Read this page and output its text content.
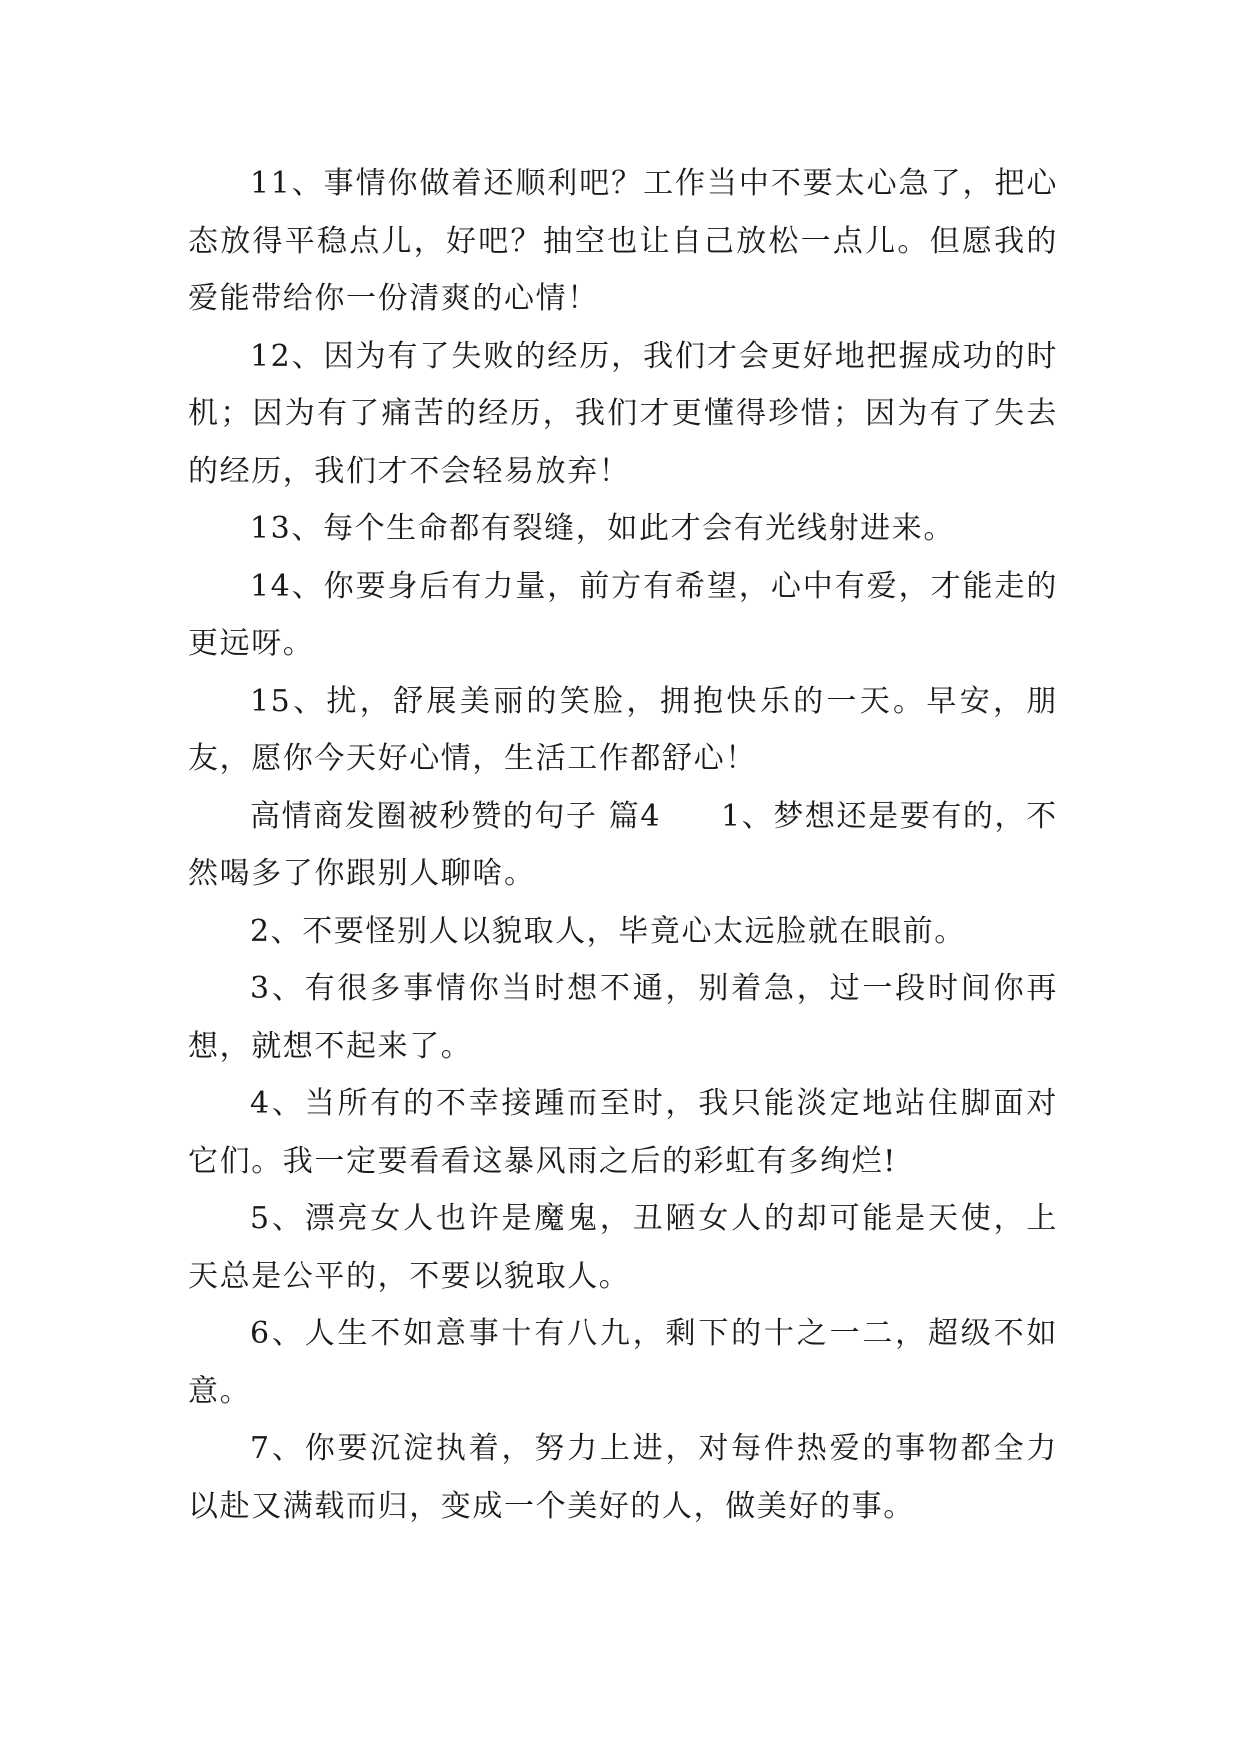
11、事情你做着还顺利吧？工作当中不要太心急了，把心态放得平稳点儿，好吧？抽空也让自己放松一点儿。但愿我的爱能带给你一份清爽的心情！

12、因为有了失败的经历，我们才会更好地把握成功的时机；因为有了痛苦的经历，我们才更懂得珍惜；因为有了失去的经历，我们才不会轻易放弃！

13、每个生命都有裂缝，如此才会有光线射进来。

14、你要身后有力量，前方有希望，心中有爱，才能走的更远呀。

15、扰，舒展美丽的笑脸，拥抱快乐的一天。早安，朋友，愿你今天好心情，生活工作都舒心！

高情商发圈被秒赞的句子 篇4 1、梦想还是要有的，不然喝多了你跟别人聊啥。

2、不要怪别人以貌取人，毕竟心太远脸就在眼前。

3、有很多事情你当时想不通，别着急，过一段时间你再想，就想不起来了。

4、当所有的不幸接踵而至时，我只能淡定地站住脚面对它们。我一定要看看这暴风雨之后的彩虹有多绚烂!

5、漂亮女人也许是魔鬼，丑陋女人的却可能是天使，上天总是公平的，不要以貌取人。

6、人生不如意事十有八九，剩下的十之一二，超级不如意。

7、你要沉淀执着，努力上进，对每件热爱的事物都全力以赴又满载而归，变成一个美好的人，做美好的事。
